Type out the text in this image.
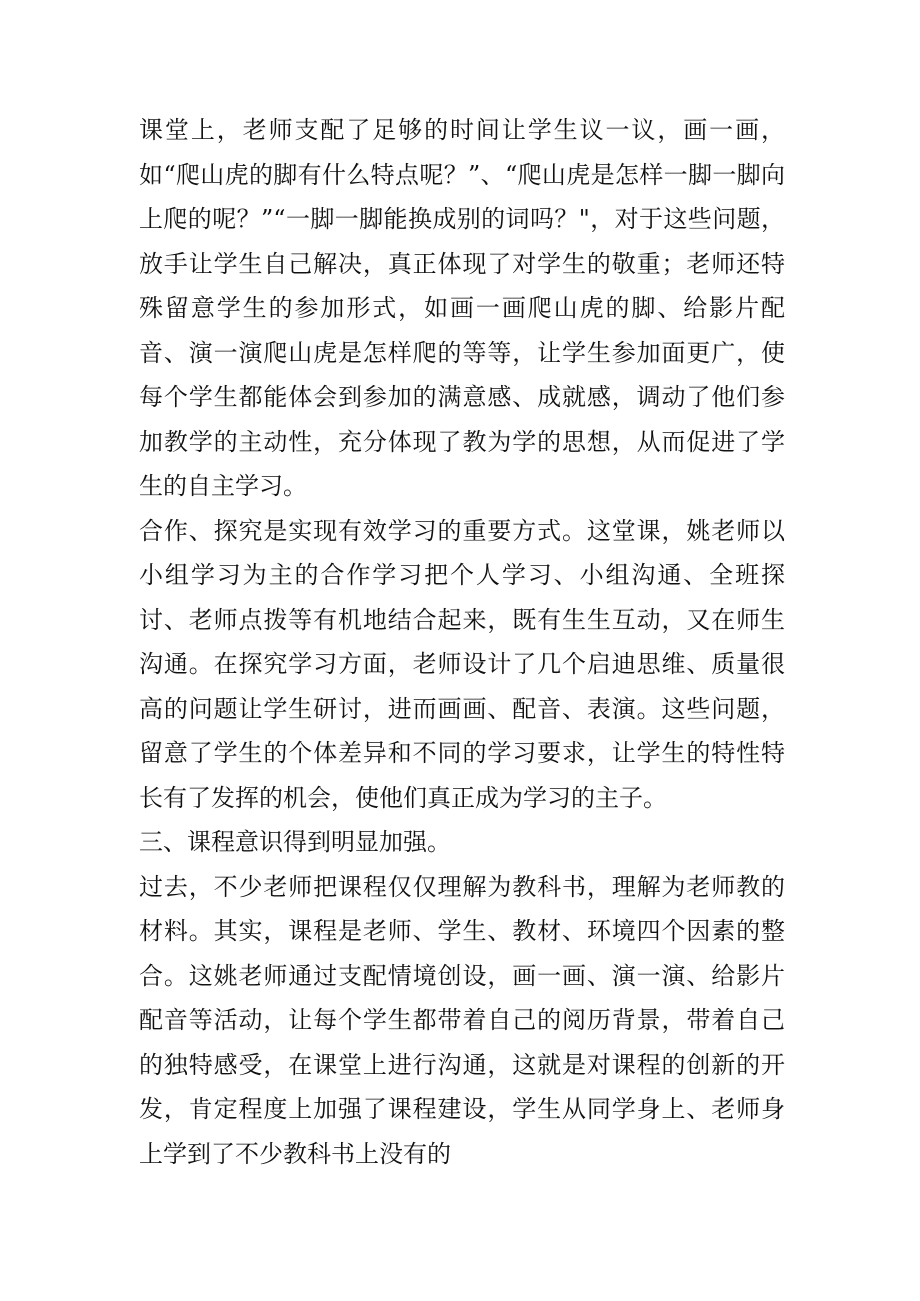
课堂上，老师支配了足够的时间让学生议一议，画一画，如“爬山虎的脚有什么特点呢？”、“爬山虎是怎样一脚一脚向上爬的呢？”“一脚一脚能换成别的词吗？"，对于这些问题，放手让学生自己解决，真正体现了对学生的敬重；老师还特殊留意学生的参加形式，如画一画爬山虎的脚、给影片配音、演一演爬山虎是怎样爬的等等，让学生参加面更广，使每个学生都能体会到参加的满意感、成就感，调动了他们参加教学的主动性，充分体现了教为学的思想，从而促进了学生的自主学习。

合作、探究是实现有效学习的重要方式。这堂课，姚老师以小组学习为主的合作学习把个人学习、小组沟通、全班探讨、老师点拨等有机地结合起来，既有生生互动，又在师生沟通。在探究学习方面，老师设计了几个启迪思维、质量很高的问题让学生研讨，进而画画、配音、表演。这些问题，留意了学生的个体差异和不同的学习要求，让学生的特性特长有了发挥的机会，使他们真正成为学习的主子。

三、课程意识得到明显加强。

过去，不少老师把课程仅仅理解为教科书，理解为老师教的材料。其实，课程是老师、学生、教材、环境四个因素的整合。这姚老师通过支配情境创设，画一画、演一演、给影片配音等活动，让每个学生都带着自己的阅历背景，带着自己的独特感受，在课堂上进行沟通，这就是对课程的创新的开发，肯定程度上加强了课程建设，学生从同学身上、老师身上学到了不少教科书上没有的
